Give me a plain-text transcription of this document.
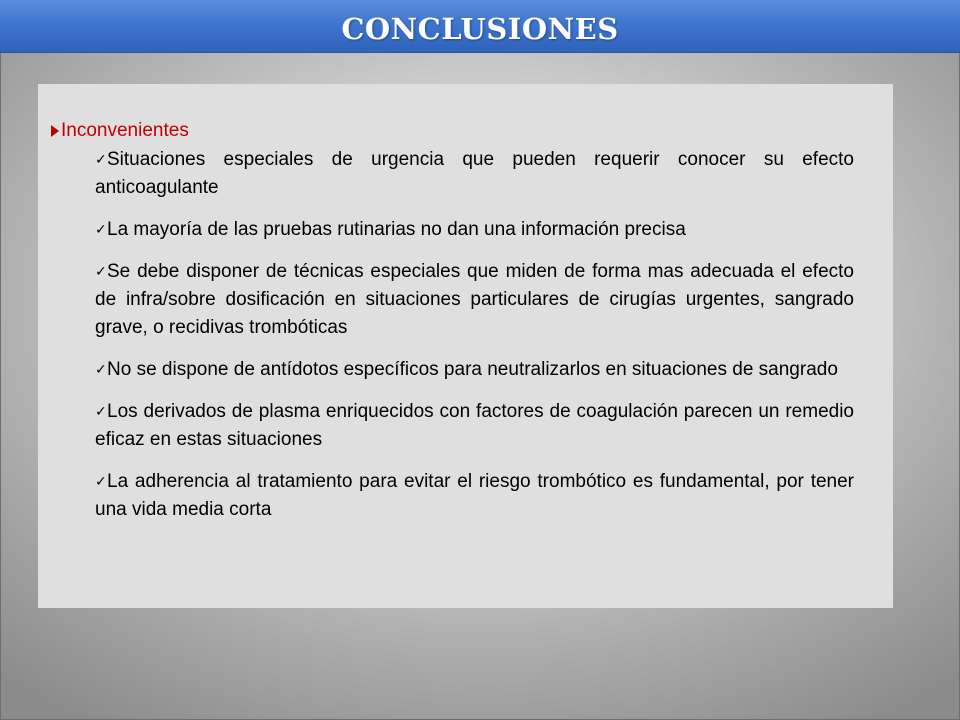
CONCLUSIONES
Inconvenientes
✓Situaciones especiales de urgencia que pueden requerir conocer su efecto anticoagulante
✓La mayoría de las pruebas rutinarias no dan una información precisa
✓Se debe disponer de técnicas especiales que miden de forma mas adecuada el efecto de infra/sobre dosificación en situaciones particulares de cirugías urgentes, sangrado grave, o recidivas trombóticas
✓No se dispone de antídotos específicos para neutralizarlos en situaciones de sangrado
✓Los derivados de plasma enriquecidos con factores de coagulación parecen un remedio eficaz en estas situaciones
✓La adherencia al tratamiento para evitar el riesgo trombótico es fundamental, por tener una vida media corta
